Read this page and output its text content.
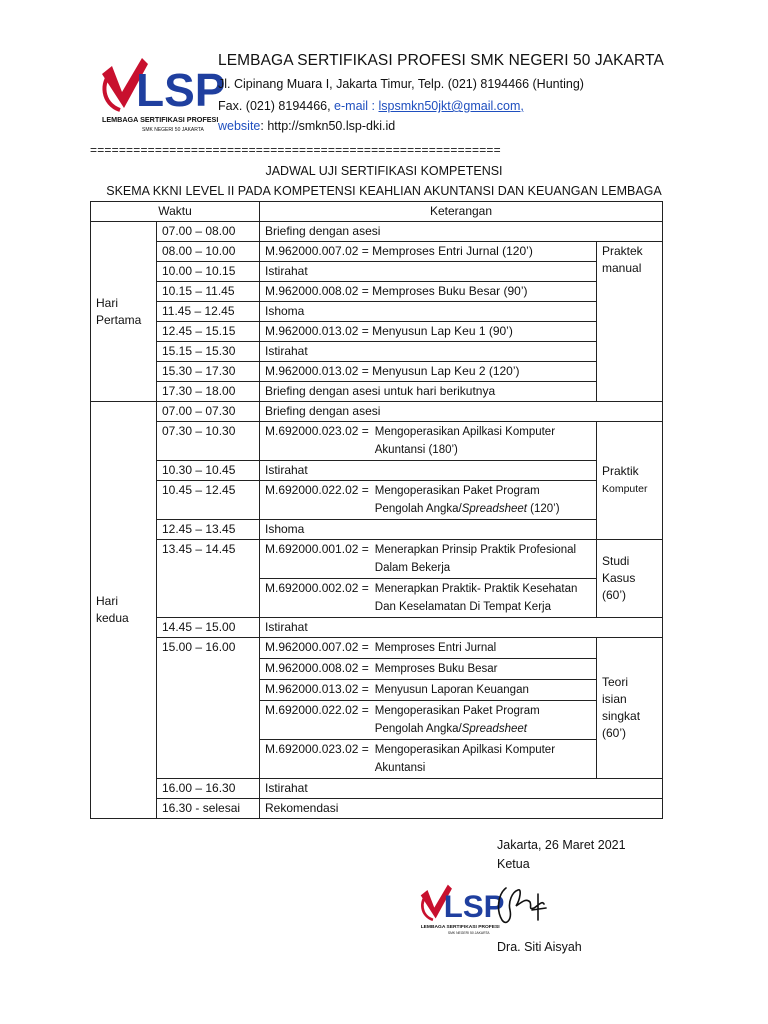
LSP
LEMBAGA SERTIFIKASI PROFESI
SMK NEGERI 50 JAKARTA
LEMBAGA SERTIFIKASI PROFESI SMK NEGERI 50 JAKARTA
Jl. Cipinang Muara I, Jakarta Timur, Telp. (021) 8194466 (Hunting)
Fax. (021) 8194466, e-mail : lspsmkn50jkt@gmail.com,
website: http://smkn50.lsp-dki.id
=========================================================
JADWAL UJI SERTIFIKASI KOMPETENSI
SKEMA KKNI LEVEL II PADA KOMPETENSI KEAHLIAN AKUNTANSI DAN KEUANGAN LEMBAGA
Waktu		Keterangan	
Hari
Pertama	07.00 – 08.00	Briefing dengan asesi	
	08.00 – 10.00	M.962000.007.02 = Memproses Entri Jurnal (120’)	Praktek
manual
	10.00 – 10.15	Istirahat	
	10.15 – 11.45	M.962000.008.02 = Memproses Buku Besar (90’)	
	11.45 – 12.45	Ishoma	
	12.45 – 15.15	M.962000.013.02 = Menyusun Lap Keu 1 (90’)	
	15.15 – 15.30	Istirahat	
	15.30 – 17.30	M.962000.013.02 = Menyusun Lap Keu 2 (120’)	
	17.30 – 18.00	Briefing dengan asesi untuk hari berikutnya	
Hari
kedua	07.00 – 07.30	Briefing dengan asesi	
	07.30 – 10.30	M.692000.023.02 = Mengoperasikan Apilkasi Komputer Akuntansi (180’)	Praktik
Komputer
	10.30 – 10.45	Istirahat	
	10.45 – 12.45	M.692000.022.02 = Mengoperasikan Paket Program Pengolah Angka/Spreadsheet (120’)	

	12.45 – 13.45	Ishoma	
	13.45 – 14.45	M.692000.001.02 = Menerapkan Prinsip Praktik Profesional Dalam Bekerja	Studi
Kasus
(60’)

		M.692000.002.02 = Menerapkan Praktik- Praktik Kesehatan Dan Keselamatan Di Tempat Kerja	

	14.45 – 15.00	Istirahat	
	15.00 – 16.00	M.962000.007.02 = Memproses Entri Jurnal	Teori
isian
singkat
(60’)

		M.962000.008.02 = Memproses Buku Besar	

		M.962000.013.02 = Menyusun Laporan Keuangan	

		M.692000.022.02 = Mengoperasikan Paket Program Pengolah Angka/Spreadsheet	

		M.692000.023.02 = Mengoperasikan Apilkasi Komputer Akuntansi	

	16.00 – 16.30	Istirahat	
	16.30 - selesai	Rekomendasi	
Jakarta, 26 Maret 2021
Ketua
LSP
LEMBAGA SERTIFIKASI PROFESI
SMK NEGERI 50 JAKARTA
Dra. Siti Aisyah
